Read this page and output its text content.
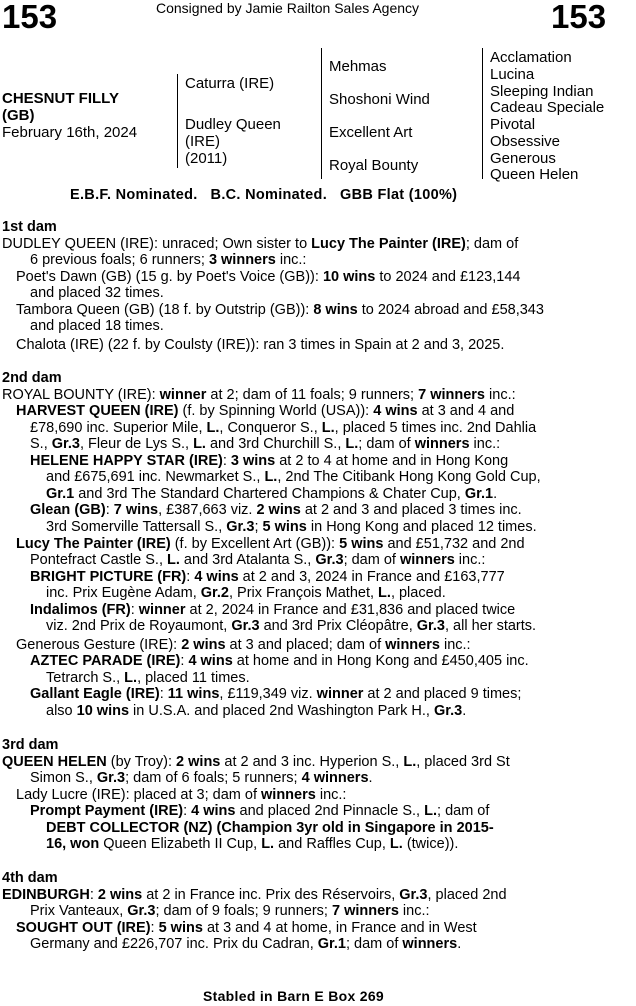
153	Consigned by Jamie Railton Sales Agency	153
CHESNUT FILLY
(GB)
February 16th, 2024
Caturra (IRE)
Dudley Queen
(IRE)
(2011)
Mehmas
Shoshoni Wind
Excellent Art
Royal Bounty
Acclamation
Lucina
Sleeping Indian
Cadeau Speciale
Pivotal
Obsessive
Generous
Queen Helen
E.B.F. Nominated.   B.C. Nominated.   GBB Flat (100%)
1st dam
DUDLEY QUEEN (IRE): unraced; Own sister to Lucy The Painter (IRE); dam of
6 previous foals; 6 runners; 3 winners inc.:
Poet's Dawn (GB) (15 g. by Poet's Voice (GB)): 10 wins to 2024 and £123,144
and placed 32 times.
Tambora Queen (GB) (18 f. by Outstrip (GB)): 8 wins to 2024 abroad and £58,343
and placed 18 times.
Chalota (IRE) (22 f. by Coulsty (IRE)): ran 3 times in Spain at 2 and 3, 2025.
2nd dam
ROYAL BOUNTY (IRE): winner at 2; dam of 11 foals; 9 runners; 7 winners inc.:
HARVEST QUEEN (IRE) (f. by Spinning World (USA)): 4 wins at 3 and 4 and
£78,690 inc. Superior Mile, L., Conqueror S., L., placed 5 times inc. 2nd Dahlia
S., Gr.3, Fleur de Lys S., L. and 3rd Churchill S., L.; dam of winners inc.:
HELENE HAPPY STAR (IRE): 3 wins at 2 to 4 at home and in Hong Kong
and £675,691 inc. Newmarket S., L., 2nd The Citibank Hong Kong Gold Cup,
Gr.1 and 3rd The Standard Chartered Champions & Chater Cup, Gr.1.
Glean (GB): 7 wins, £387,663 viz. 2 wins at 2 and 3 and placed 3 times inc.
3rd Somerville Tattersall S., Gr.3; 5 wins in Hong Kong and placed 12 times.
Lucy The Painter (IRE) (f. by Excellent Art (GB)): 5 wins and £51,732 and 2nd
Pontefract Castle S., L. and 3rd Atalanta S., Gr.3; dam of winners inc.:
BRIGHT PICTURE (FR): 4 wins at 2 and 3, 2024 in France and £163,777
inc. Prix Eugène Adam, Gr.2, Prix François Mathet, L., placed.
Indalimos (FR): winner at 2, 2024 in France and £31,836 and placed twice
viz. 2nd Prix de Royaumont, Gr.3 and 3rd Prix Cléopâtre, Gr.3, all her starts.
Generous Gesture (IRE): 2 wins at 3 and placed; dam of winners inc.:
AZTEC PARADE (IRE): 4 wins at home and in Hong Kong and £450,405 inc.
Tetrarch S., L., placed 11 times.
Gallant Eagle (IRE): 11 wins, £119,349 viz. winner at 2 and placed 9 times;
also 10 wins in U.S.A. and placed 2nd Washington Park H., Gr.3.
3rd dam
QUEEN HELEN (by Troy): 2 wins at 2 and 3 inc. Hyperion S., L., placed 3rd St
Simon S., Gr.3; dam of 6 foals; 5 runners; 4 winners.
Lady Lucre (IRE): placed at 3; dam of winners inc.:
Prompt Payment (IRE): 4 wins and placed 2nd Pinnacle S., L.; dam of
DEBT COLLECTOR (NZ) (Champion 3yr old in Singapore in 2015-
16, won Queen Elizabeth II Cup, L. and Raffles Cup, L. (twice)).
4th dam
EDINBURGH: 2 wins at 2 in France inc. Prix des Réservoirs, Gr.3, placed 2nd
Prix Vanteaux, Gr.3; dam of 9 foals; 9 runners; 7 winners inc.:
SOUGHT OUT (IRE): 5 wins at 3 and 4 at home, in France and in West
Germany and £226,707 inc. Prix du Cadran, Gr.1; dam of winners.
Stabled in Barn E Box 269
